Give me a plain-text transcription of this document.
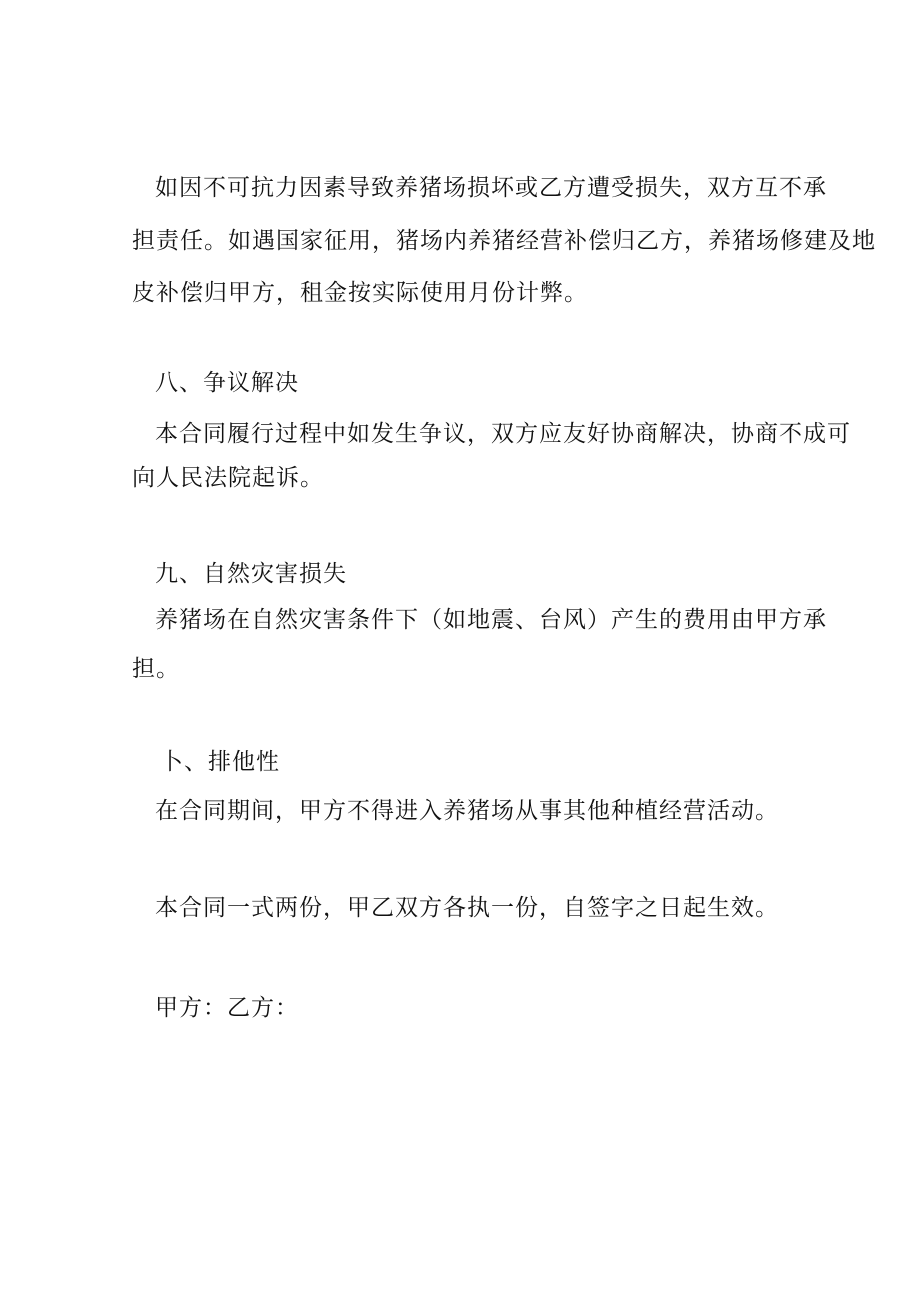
如因不可抗力因素导致养猪场损坏或乙方遭受损失，双方互不承
担责任。如遇国家征用，猪场内养猪经营补偿归乙方，养猪场修建及地
皮补偿归甲方，租金按实际使用月份计弊。
八、争议解决
本合同履行过程中如发生争议，双方应友好协商解决，协商不成可
向人民法院起诉。
九、自然灾害损失
养猪场在自然灾害条件下（如地震、台风）产生的费用由甲方承
担。
卜、排他性
在合同期间，甲方不得进入养猪场从事其他种植经营活动。
本合同一式两份，甲乙双方各执一份，自签字之日起生效。
甲方：乙方：
